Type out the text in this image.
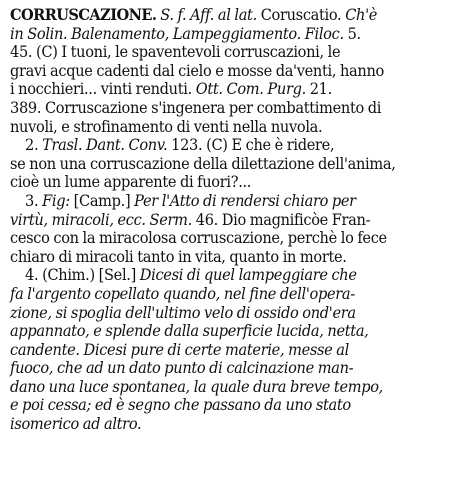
CORRUSCAZIONE. S. f. Aff. al lat. Coruscatio. Ch'è
in Solin. Balenamento, Lampeggiamento. Filoc. 5.
45. (C) I tuoni, le spaventevoli corruscazioni, le
gravi acque cadenti dal cielo e mosse da'venti, hanno
i nocchieri... vinti renduti. Ott. Com. Purg. 21.
389. Corruscazione s'ingenera per combattimento di
nuvoli, e strofinamento di venti nella nuvola.
2. Trasl. Dant. Conv. 123. (C) E che è ridere,
se non una corruscazione della dilettazione dell'anima,
cioè un lume apparente di fuori?...
3. Fig: [Camp.] Per l'Atto di rendersi chiaro per
virtù, miracoli, ecc. Serm. 46. Dio magnificòe Fran-
cesco con la miracolosa corruscazione, perchè lo fece
chiaro di miracoli tanto in vita, quanto in morte.
4. (Chim.) [Sel.] Dicesi di quel lampeggiare che
fa l'argento copellato quando, nel fine dell'opera-
zione, si spoglia dell'ultimo velo di ossido ond'era
appannato, e splende dalla superficie lucida, netta,
candente. Dicesi pure di certe materie, messe al
fuoco, che ad un dato punto di calcinazione man-
dano una luce spontanea, la quale dura breve tempo,
e poi cessa; ed è segno che passano da uno stato
isomerico ad altro.
